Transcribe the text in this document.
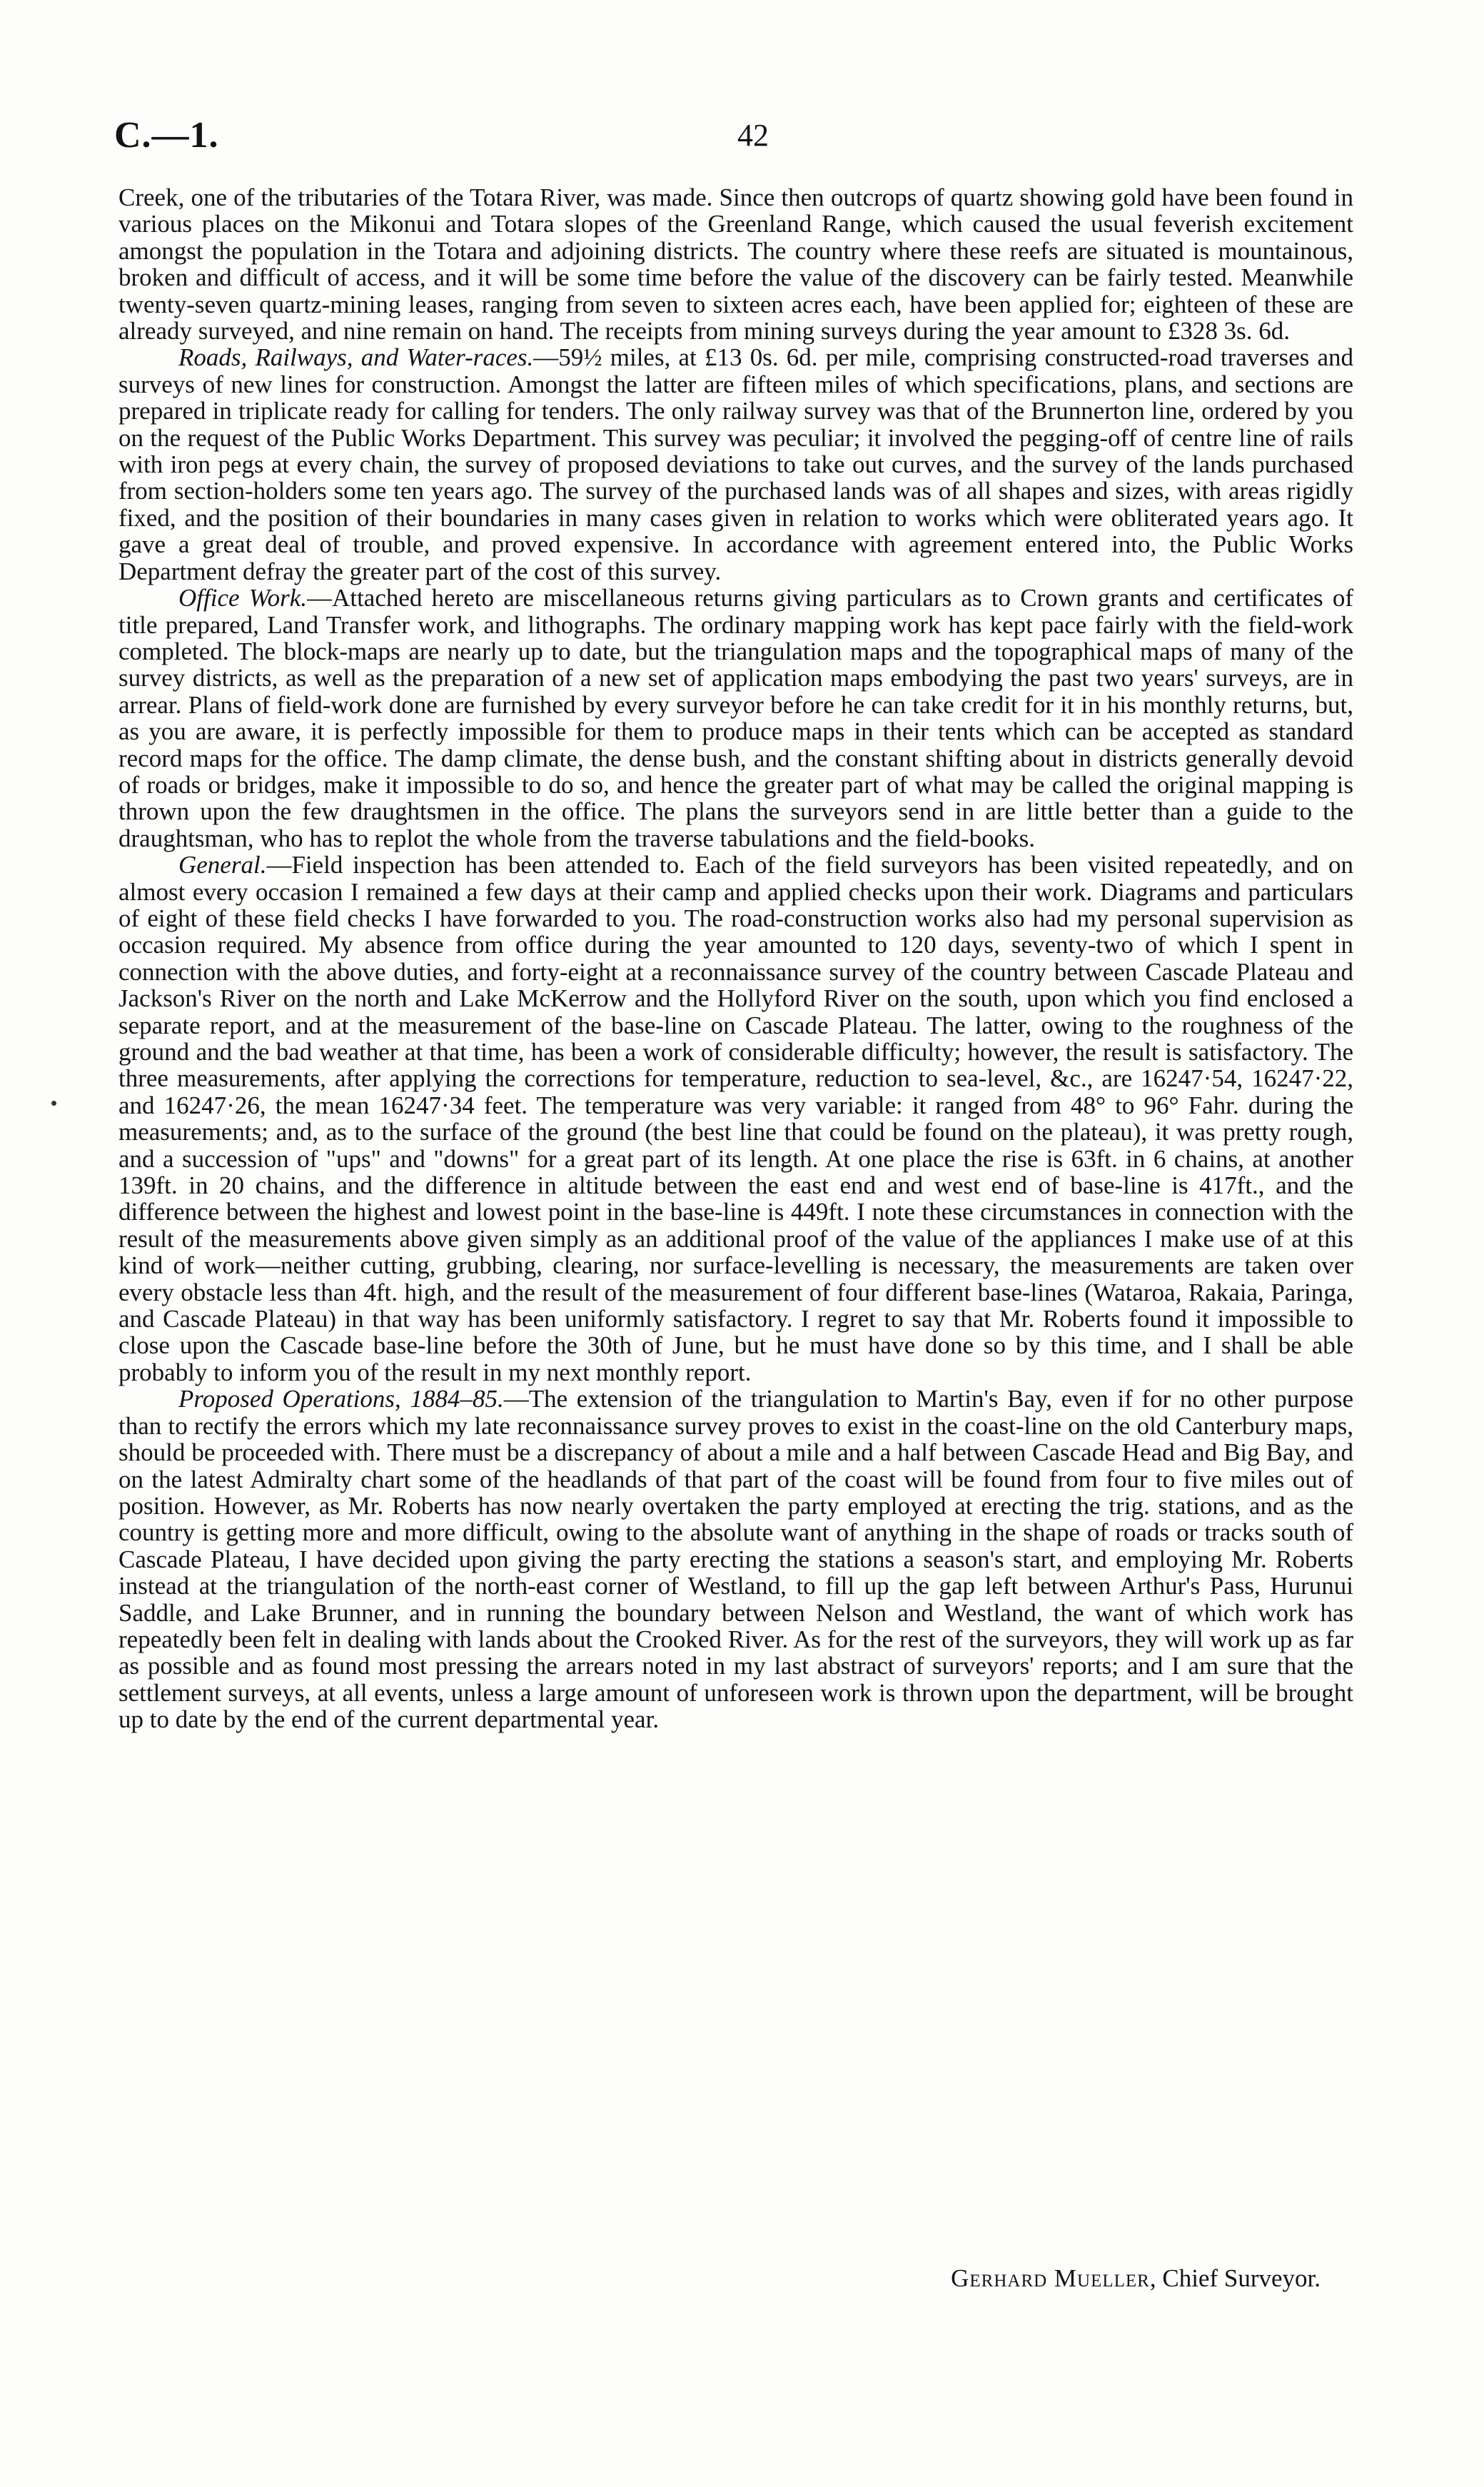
C.—1.	42

Creek, one of the tributaries of the Totara River, was made. Since then outcrops of quartz showing gold have been found in various places on the Mikonui and Totara slopes of the Greenland Range, which caused the usual feverish excitement amongst the population in the Totara and adjoining districts. The country where these reefs are situated is mountainous, broken and difficult of access, and it will be some time before the value of the discovery can be fairly tested. Meanwhile twenty-seven quartz-mining leases, ranging from seven to sixteen acres each, have been applied for; eighteen of these are already surveyed, and nine remain on hand. The receipts from mining surveys during the year amount to £328 3s. 6d.

Roads, Railways, and Water-races.—59½ miles, at £13 0s. 6d. per mile, comprising constructed-road traverses and surveys of new lines for construction. Amongst the latter are fifteen miles of which specifications, plans, and sections are prepared in triplicate ready for calling for tenders. The only railway survey was that of the Brunnerton line, ordered by you on the request of the Public Works Department. This survey was peculiar; it involved the pegging-off of centre line of rails with iron pegs at every chain, the survey of proposed deviations to take out curves, and the survey of the lands purchased from section-holders some ten years ago. The survey of the purchased lands was of all shapes and sizes, with areas rigidly fixed, and the position of their boundaries in many cases given in relation to works which were obliterated years ago. It gave a great deal of trouble, and proved expensive. In accordance with agreement entered into, the Public Works Department defray the greater part of the cost of this survey.

Office Work.—Attached hereto are miscellaneous returns giving particulars as to Crown grants and certificates of title prepared, Land Transfer work, and lithographs. The ordinary mapping work has kept pace fairly with the field-work completed. The block-maps are nearly up to date, but the triangulation maps and the topographical maps of many of the survey districts, as well as the preparation of a new set of application maps embodying the past two years' surveys, are in arrear. Plans of field-work done are furnished by every surveyor before he can take credit for it in his monthly returns, but, as you are aware, it is perfectly impossible for them to produce maps in their tents which can be accepted as standard record maps for the office. The damp climate, the dense bush, and the constant shifting about in districts generally devoid of roads or bridges, make it impossible to do so, and hence the greater part of what may be called the original mapping is thrown upon the few draughtsmen in the office. The plans the surveyors send in are little better than a guide to the draughtsman, who has to replot the whole from the traverse tabulations and the field-books.

General.—Field inspection has been attended to. Each of the field surveyors has been visited repeatedly, and on almost every occasion I remained a few days at their camp and applied checks upon their work. Diagrams and particulars of eight of these field checks I have forwarded to you. The road-construction works also had my personal supervision as occasion required. My absence from office during the year amounted to 120 days, seventy-two of which I spent in connection with the above duties, and forty-eight at a reconnaissance survey of the country between Cascade Plateau and Jackson's River on the north and Lake McKerrow and the Hollyford River on the south, upon which you find enclosed a separate report, and at the measurement of the base-line on Cascade Plateau. The latter, owing to the roughness of the ground and the bad weather at that time, has been a work of considerable difficulty; however, the result is satisfactory. The three measurements, after applying the corrections for temperature, reduction to sea-level, &c., are 16247·54, 16247·22, and 16247·26, the mean 16247·34 feet. The temperature was very variable: it ranged from 48° to 96° Fahr. during the measurements; and, as to the surface of the ground (the best line that could be found on the plateau), it was pretty rough, and a succession of "ups" and "downs" for a great part of its length. At one place the rise is 63ft. in 6 chains, at another 139ft. in 20 chains, and the difference in altitude between the east end and west end of base-line is 417ft., and the difference between the highest and lowest point in the base-line is 449ft. I note these circumstances in connection with the result of the measurements above given simply as an additional proof of the value of the appliances I make use of at this kind of work—neither cutting, grubbing, clearing, nor surface-levelling is necessary, the measurements are taken over every obstacle less than 4ft. high, and the result of the measurement of four different base-lines (Wataroa, Rakaia, Paringa, and Cascade Plateau) in that way has been uniformly satisfactory. I regret to say that Mr. Roberts found it impossible to close upon the Cascade base-line before the 30th of June, but he must have done so by this time, and I shall be able probably to inform you of the result in my next monthly report.

Proposed Operations, 1884–85.—The extension of the triangulation to Martin's Bay, even if for no other purpose than to rectify the errors which my late reconnaissance survey proves to exist in the coast-line on the old Canterbury maps, should be proceeded with. There must be a discrepancy of about a mile and a half between Cascade Head and Big Bay, and on the latest Admiralty chart some of the headlands of that part of the coast will be found from four to five miles out of position. However, as Mr. Roberts has now nearly overtaken the party employed at erecting the trig. stations, and as the country is getting more and more difficult, owing to the absolute want of anything in the shape of roads or tracks south of Cascade Plateau, I have decided upon giving the party erecting the stations a season's start, and employing Mr. Roberts instead at the triangulation of the north-east corner of Westland, to fill up the gap left between Arthur's Pass, Hurunui Saddle, and Lake Brunner, and in running the boundary between Nelson and Westland, the want of which work has repeatedly been felt in dealing with lands about the Crooked River. As for the rest of the surveyors, they will work up as far as possible and as found most pressing the arrears noted in my last abstract of surveyors' reports; and I am sure that the settlement surveys, at all events, unless a large amount of unforeseen work is thrown upon the department, will be brought up to date by the end of the current departmental year.

Gerhard Mueller, Chief Surveyor.
